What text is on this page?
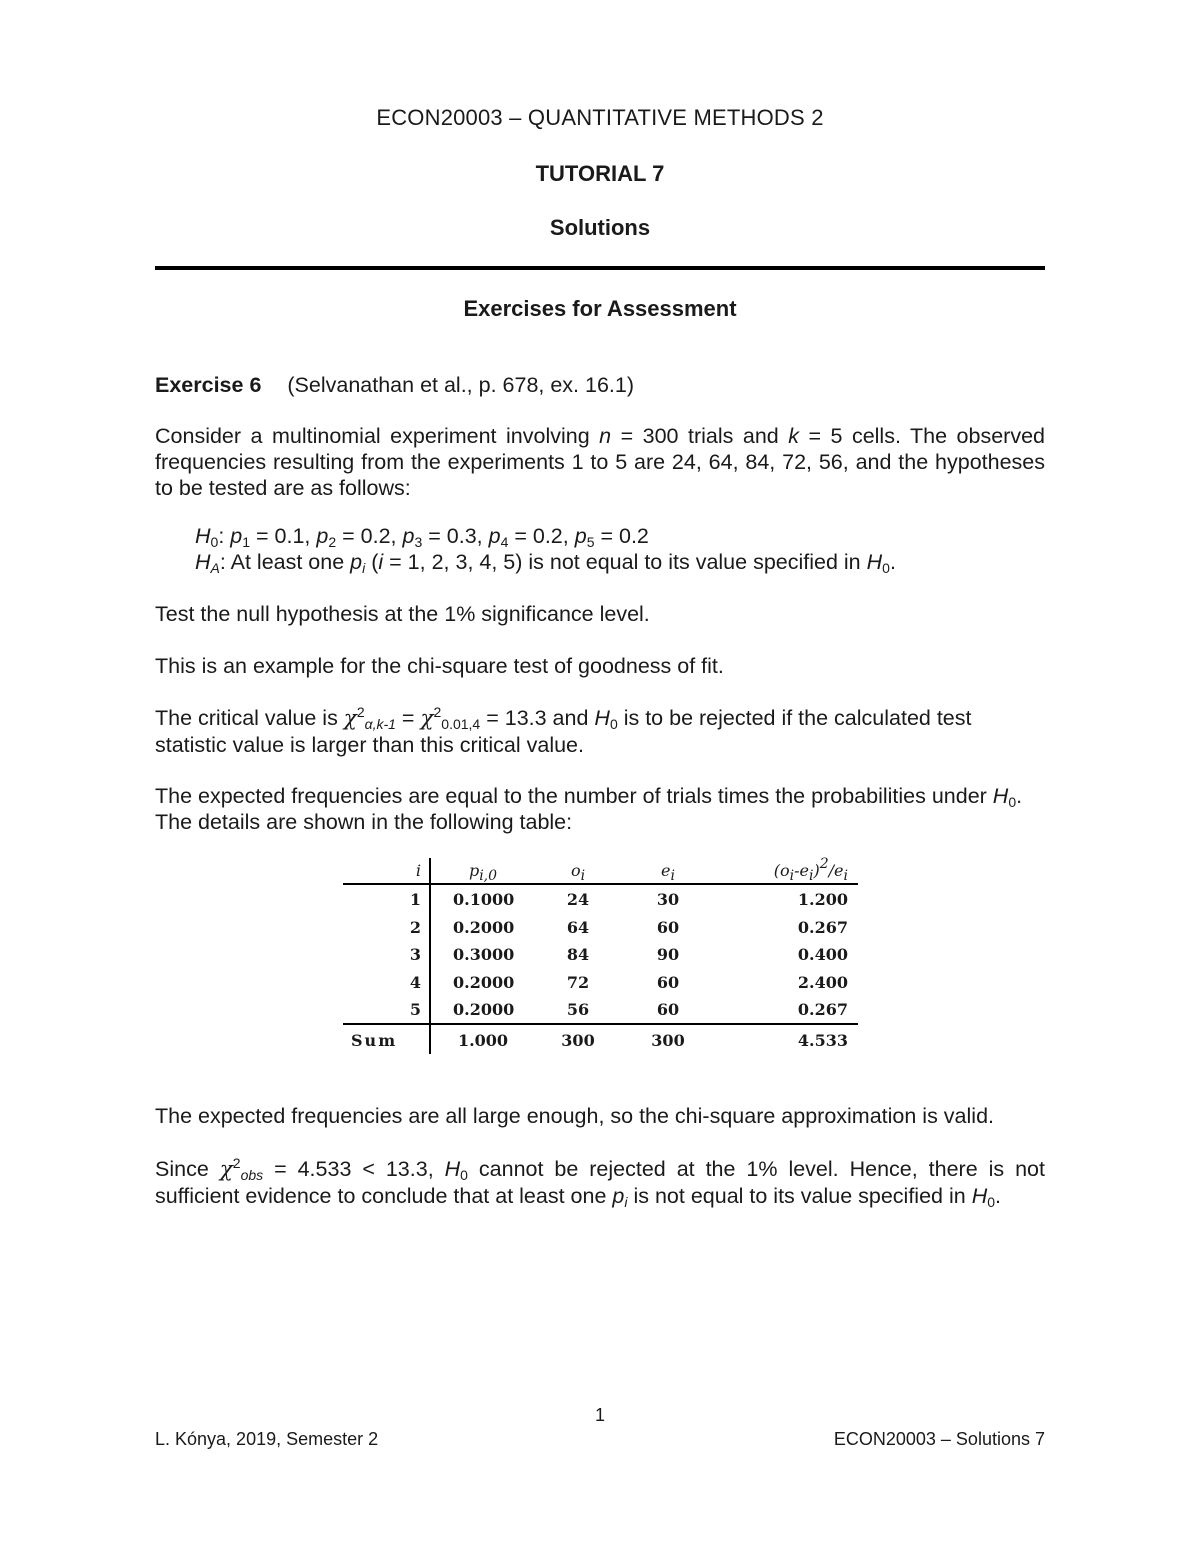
ECON20003 – QUANTITATIVE METHODS 2
TUTORIAL 7
Solutions
Exercises for Assessment
Exercise 6 (Selvanathan et al., p. 678, ex. 16.1)
Consider a multinomial experiment involving n = 300 trials and k = 5 cells. The observed frequencies resulting from the experiments 1 to 5 are 24, 64, 84, 72, 56, and the hypotheses to be tested are as follows:
$H_0$: $p_1 = 0.1$, $p_2 = 0.2$, $p_3 = 0.3$, $p_4 = 0.2$, $p_5 = 0.2$
$H_A$: At least one $p_i$ (i = 1, 2, 3, 4, 5) is not equal to its value specified in $H_0$.
Test the null hypothesis at the 1% significance level.
This is an example for the chi-square test of goodness of fit.
The critical value is $\chi^2_{\alpha,k-1} = \chi^2_{0.01,4} = 13.3$ and $H_0$ is to be rejected if the calculated test statistic value is larger than this critical value.
The expected frequencies are equal to the number of trials times the probabilities under $H_0$. The details are shown in the following table:
i	$p_{i,0}$	$o_i$	$e_i$	$(o_i-e_i)^2/e_i$
1 0.1000	24	30	1.200
2 0.2000	64	60	0.267
3 0.3000	84	90	0.400
4 0.2000	72	60	2.400
5 0.2000	56	60	0.267
Sum	1.000	300	300	4.533
The expected frequencies are all large enough, so the chi-square approximation is valid.
Since $\chi^2_{obs} = 4.533 < 13.3$, $H_0$ cannot be rejected at the 1% level. Hence, there is not sufficient evidence to conclude that at least one $p_i$ is not equal to its value specified in $H_0$.
1
L. Kónya, 2019, Semester 2	ECON20003 – Solutions 7
